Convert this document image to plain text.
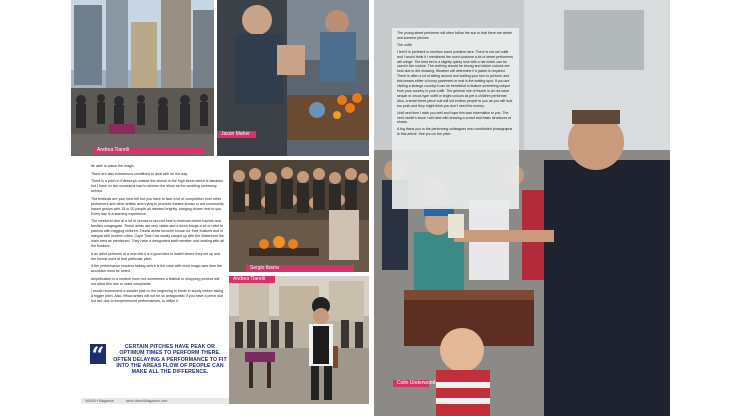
Andrea Tiarelli
Jason Maher
Sergio Ibarra
Andrea Tiarelli

be able to watch the magic.

There are also extraneous conditions to deal with on the day.

There is a pitch in Edinburgh outside the church in the high street which is fabulous but I have on two occasions had to shorten the show as the wedding ceremony arrived.

The festivals are your best bet but you have to face a lot of competition from other performers and other artistic acts trying to promote theatre shows or are community based groups with 15 or 20 people all dressed brightly, banging drums next to you. Every day is a learning experience.

The weekend vibe at a lot of venues is second best to festivals where tourists and families congregate. These areas are very viable and a show brings a lot of relief to parents with nagging children. Tourist areas become known for their buskers and is integral with modern cities. Cape Town has slowly caught up with the Waterfront the main area as mentioned. They have a designated staff member now dealing with all the buskers.

If an artist performs at a new site it is a good idea to watch where they set up and the format used at that particular pitch.

If the performance requires talking which is the case with most magic acts then the acoustics must be noted.

Amplification is a modern norm but sometimes a festival or shopping precinct will not allow this due to noise complaints.

I would recommend a smaller pitch in the beginning to break in slowly before taking a bigger pitch. Also, fellow artists will not be so antagonistic if you have a prime slot but fail, due to inexperienced performances, to utilise it.

“	CERTAIN PITCHES HAVE PEAK OR OPTIMUM TIMES TO PERFORM THERE. OFTEN DELAYING A PERFORMANCE TO FIT INTO THE AREAS FLOW OF PEOPLE CAN MAKE ALL THE DIFFERENCE.
VANISH Magazine	www.VanishMagazine.com

The young street performer will often follow the sun in that there are winter and summer pitches.

The outfit

I feel it is pertinent to mention some pointers here. There is not set outfit and I would think if I mentioned the word costume a lot of street performers will cringe. The best bet is a slightly quirky look with a hat which can be used in the routine. The clothing should be strong and darker colours are best due to dirt showing. Weather will determine if a jacket is required. There is often a lot of sitting around and waiting your turn to perform and this means either a luxury pavement or mat is the waiting spot. If you are visiting a strange country it can be beneficial to feature something unique from your country in your outfit. The general rule of thumb is do not wear sequin or circus type outfit or bright colours as per a children performer. Also, a smart three-piece suit will not endear people to you as you will look too posh and they might think you don't need the money.

Until next time I wish you well and hope this was informative to you. The next month's issue I will deal with drawing a crowd and basic structures of shows.

A big thank you to the performing colleagues who contributed photographs to this article. See you on the pitch.

Colin Underwood
